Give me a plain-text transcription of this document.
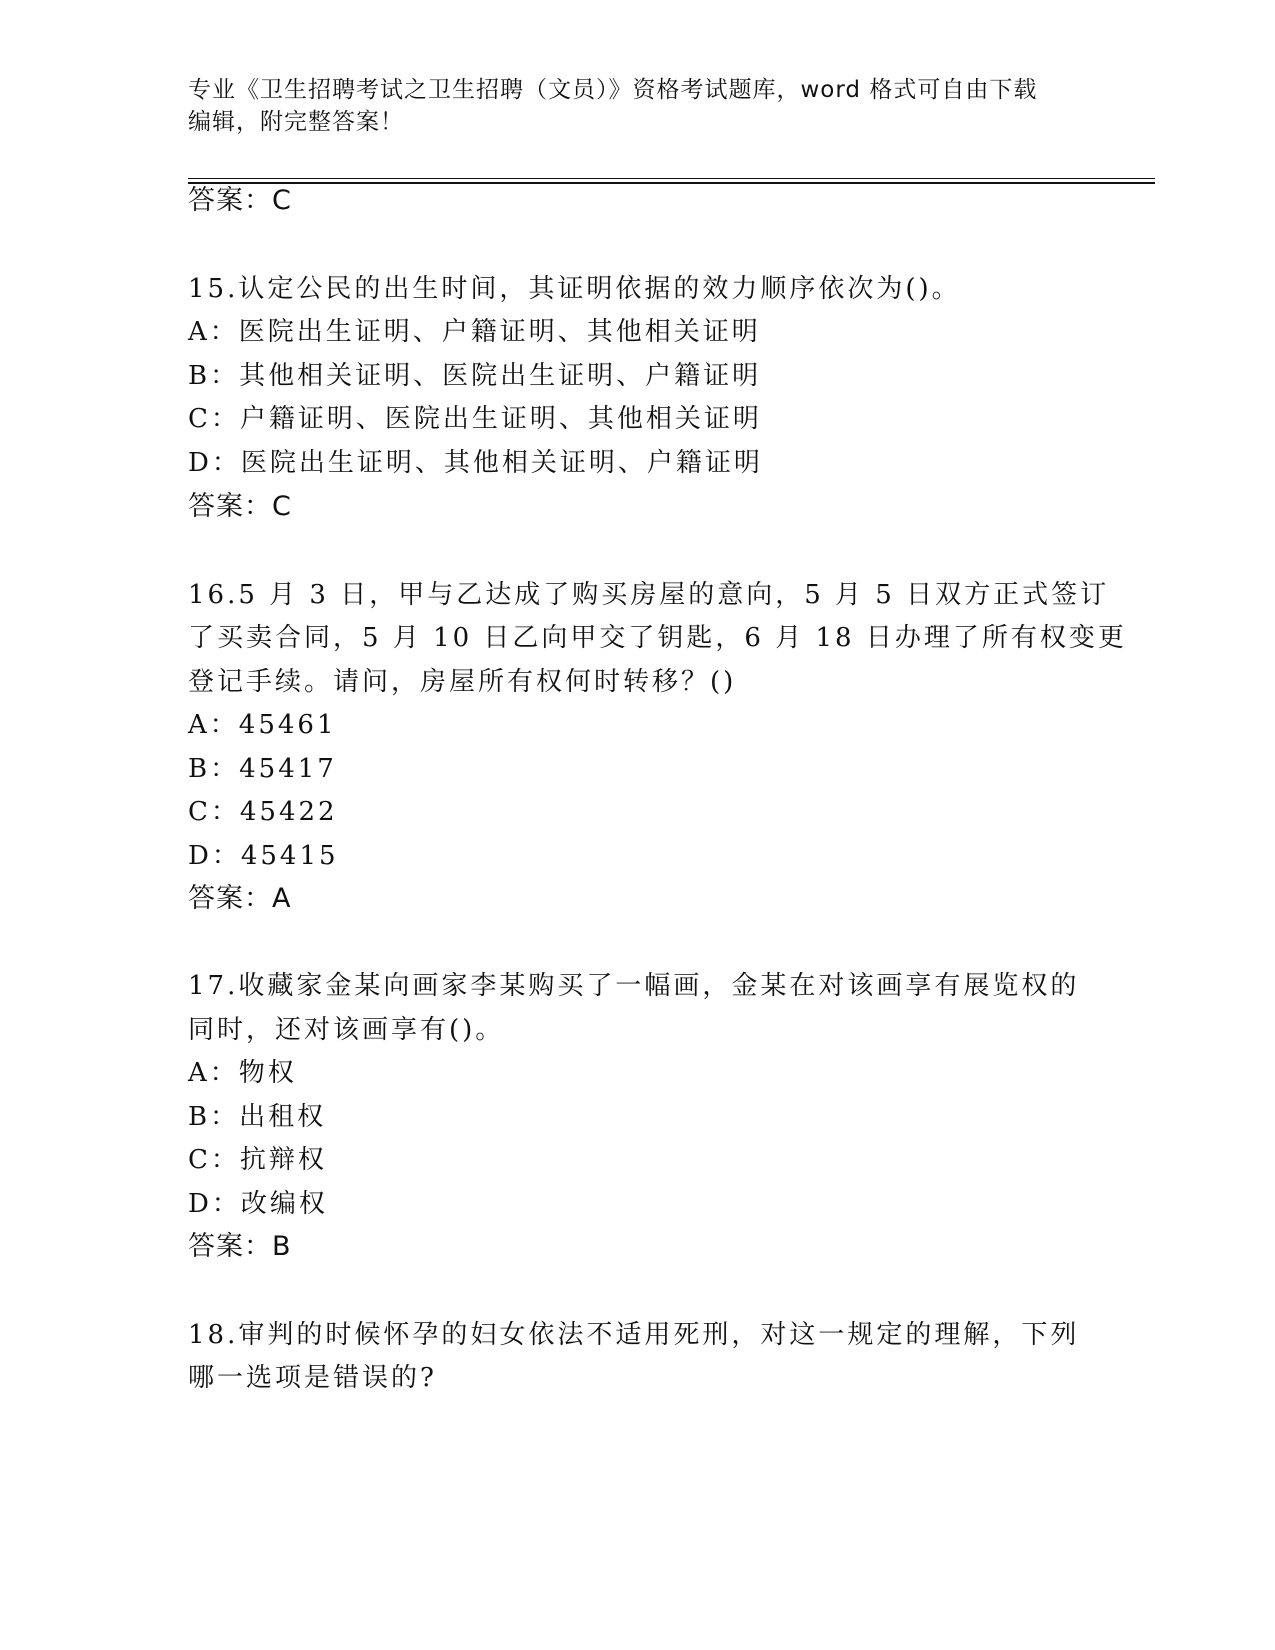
专业《卫生招聘考试之卫生招聘（文员）》资格考试题库，word 格式可自由下载
编辑，附完整答案！
答案：C
15.认定公民的出生时间，其证明依据的效力顺序依次为()。
A：医院出生证明、户籍证明、其他相关证明
B：其他相关证明、医院出生证明、户籍证明
C：户籍证明、医院出生证明、其他相关证明
D：医院出生证明、其他相关证明、户籍证明
答案：C
16.5 月 3 日，甲与乙达成了购买房屋的意向，5 月 5 日双方正式签订
了买卖合同，5 月 10 日乙向甲交了钥匙，6 月 18 日办理了所有权变更
登记手续。请问，房屋所有权何时转移？()
A：45461
B：45417
C：45422
D：45415
答案：A
17.收藏家金某向画家李某购买了一幅画，金某在对该画享有展览权的
同时，还对该画享有()。
A：物权
B：出租权
C：抗辩权
D：改编权
答案：B
18.审判的时候怀孕的妇女依法不适用死刑，对这一规定的理解，下列
哪一选项是错误的?
